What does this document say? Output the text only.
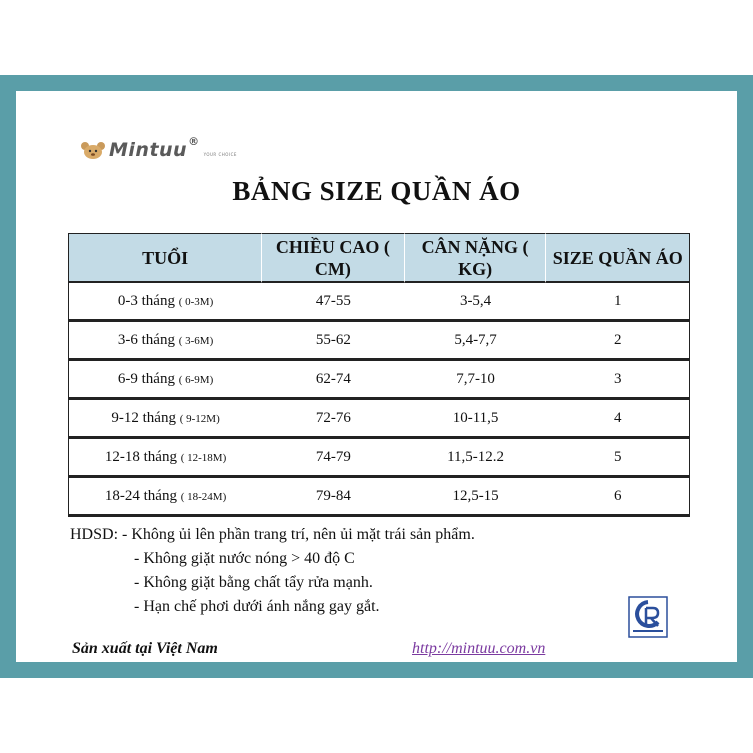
Mintuu ®
YOUR CHOICE
BẢNG SIZE QUẦN ÁO
TUỔI	CHIỀU CAO ( CM)	CÂN NẶNG ( KG)	SIZE QUẦN ÁO
0-3 tháng ( 0-3M)	47-55	3-5,4	1
3-6 tháng ( 3-6M)	55-62	5,4-7,7	2
6-9 tháng ( 6-9M)	62-74	7,7-10	3
9-12 tháng ( 9-12M)	72-76	10-11,5	4
12-18 tháng ( 12-18M)	74-79	11,5-12.2	5
18-24 tháng ( 18-24M)	79-84	12,5-15	6
HDSD: - Không ủi lên phần trang trí, nên ủi mặt trái sản phẩm.
- Không giặt nước nóng > 40 độ C
- Không giặt bằng chất tẩy rửa mạnh.
- Hạn chế phơi dưới ánh nắng gay gắt.
Sản xuất tại Việt Nam	http://mintuu.com.vn
